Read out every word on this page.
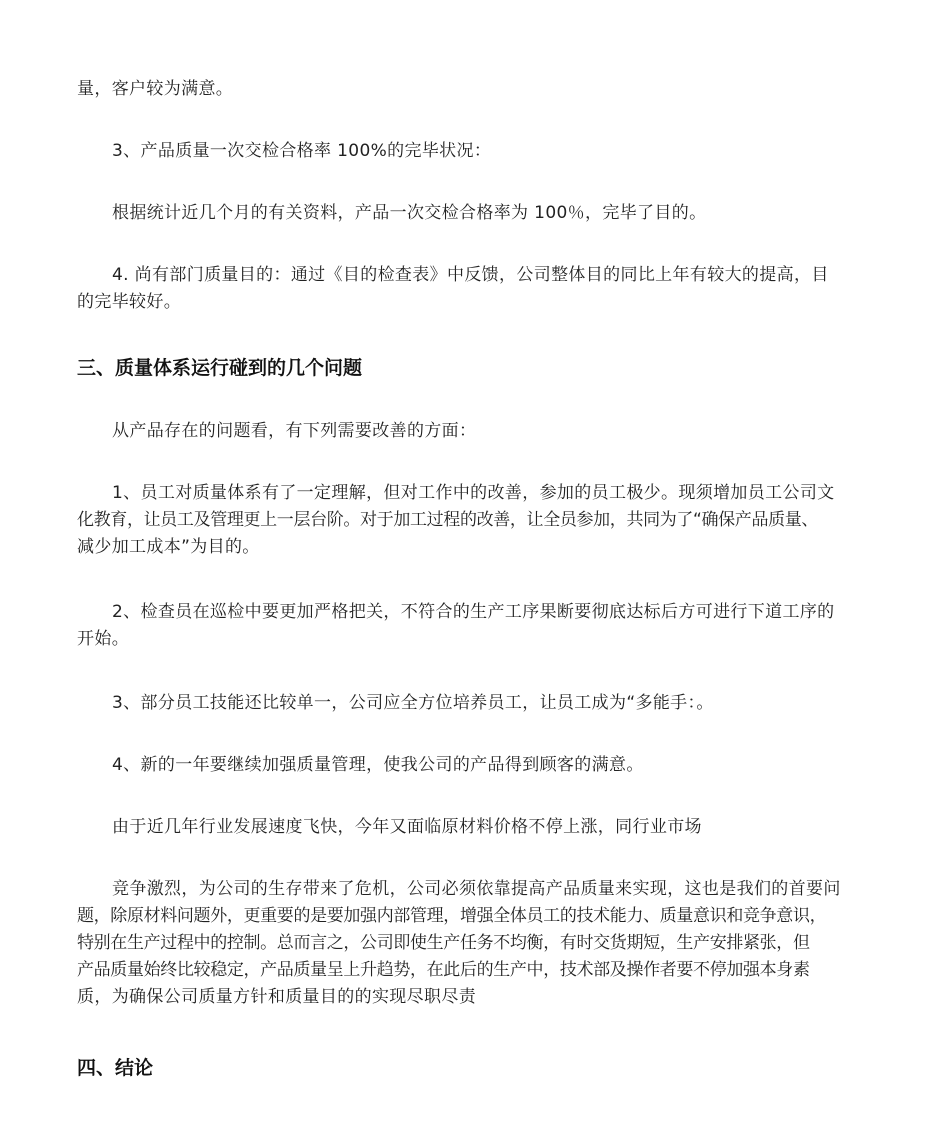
量，客户较为满意。

3、产品质量一次交检合格率 100%的完毕状况：

根据统计近几个月的有关资料，产品一次交检合格率为 100％，完毕了目的。

4. 尚有部门质量目的：通过《目的检查表》中反馈，公司整体目的同比上年有较大的提高，目
的完毕较好。

三、质量体系运行碰到的几个问题

从产品存在的问题看，有下列需要改善的方面：

1、员工对质量体系有了一定理解，但对工作中的改善，参加的员工极少。现须增加员工公司文
化教育，让员工及管理更上一层台阶。对于加工过程的改善，让全员参加，共同为了“确保产品质量、
减少加工成本”为目的。

2、检查员在巡检中要更加严格把关，不符合的生产工序果断要彻底达标后方可进行下道工序的
开始。

3、部分员工技能还比较单一，公司应全方位培养员工，让员工成为“多能手：。

4、新的一年要继续加强质量管理，使我公司的产品得到顾客的满意。

由于近几年行业发展速度飞快，今年又面临原材料价格不停上涨，同行业市场

竞争激烈，为公司的生存带来了危机，公司必须依靠提高产品质量来实现，这也是我们的首要问
题，除原材料问题外，更重要的是要加强内部管理，增强全体员工的技术能力、质量意识和竞争意识，
特别在生产过程中的控制。总而言之，公司即使生产任务不均衡，有时交货期短，生产安排紧张，但
产品质量始终比较稳定，产品质量呈上升趋势，在此后的生产中，技术部及操作者要不停加强本身素
质，为确保公司质量方针和质量目的的实现尽职尽责

四、结论
